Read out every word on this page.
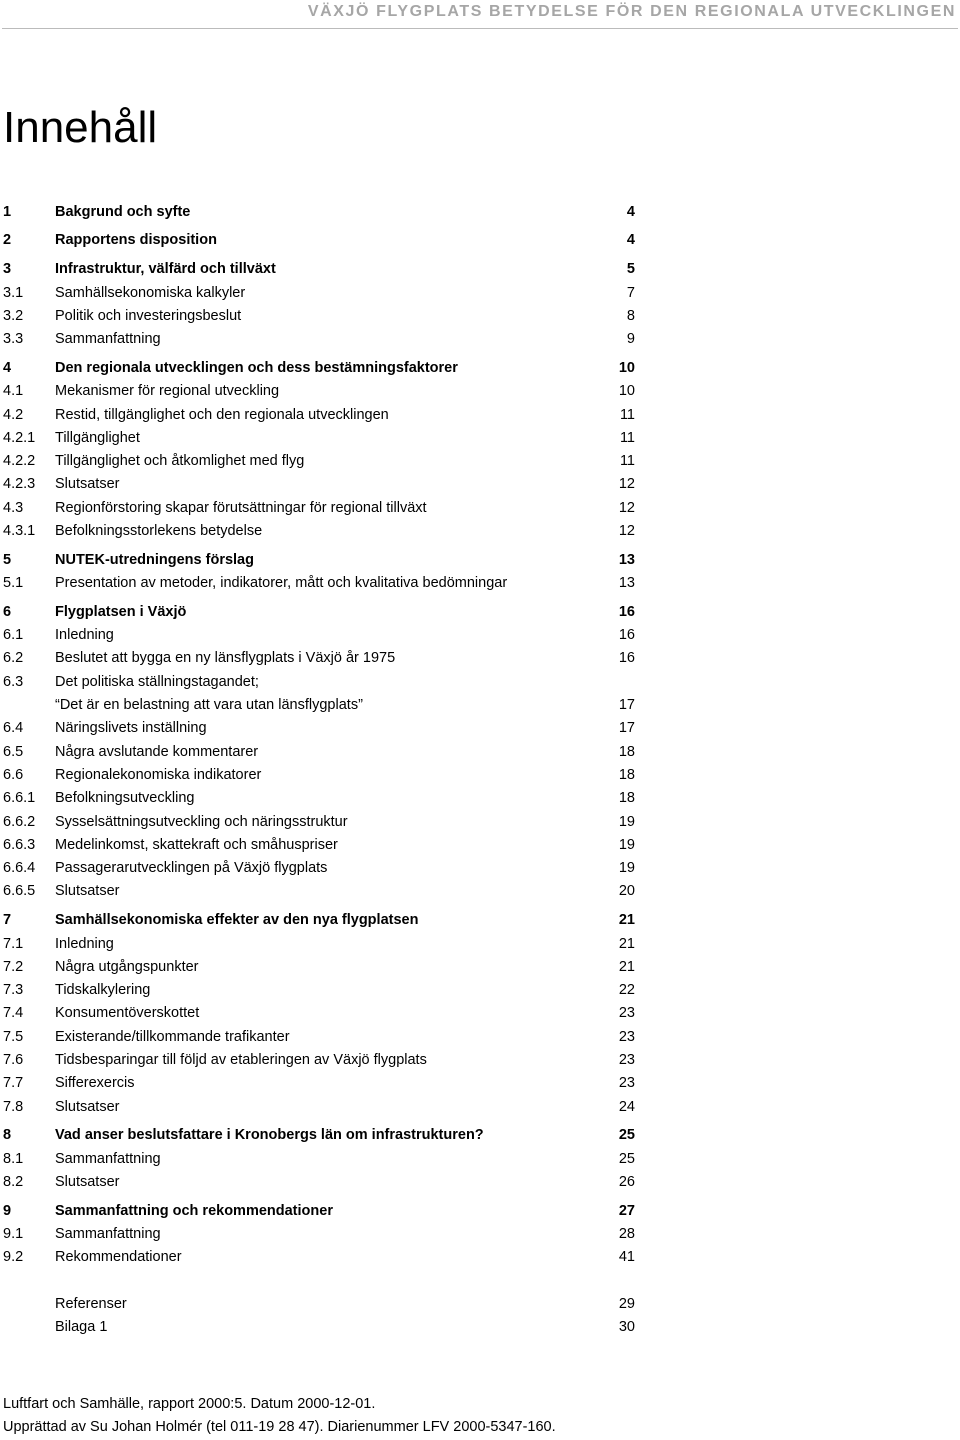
VÄXJÖ FLYGPLATS BETYDELSE FÖR DEN REGIONALA UTVECKLINGEN
Innehåll
1	Bakgrund och syfte	4
2	Rapportens disposition	4
3	Infrastruktur, välfärd och tillväxt	5
3.1	Samhällsekonomiska kalkyler	7
3.2	Politik och investeringsbeslut	8
3.3	Sammanfattning	9
4	Den regionala utvecklingen och dess bestämningsfaktorer	10
4.1	Mekanismer för regional utveckling	10
4.2	Restid, tillgänglighet och den regionala utvecklingen	11
4.2.1	Tillgänglighet	11
4.2.2	Tillgänglighet och åtkomlighet med flyg	11
4.2.3	Slutsatser	12
4.3	Regionförstoring skapar förutsättningar för regional tillväxt	12
4.3.1	Befolkningsstorlekens betydelse	12
5	NUTEK-utredningens förslag	13
5.1	Presentation av metoder, indikatorer, mått och kvalitativa bedömningar	13
6	Flygplatsen i Växjö	16
6.1	Inledning	16
6.2	Beslutet att bygga en ny länsflygplats i Växjö år 1975	16
6.3	Det politiska ställningstagandet;
“Det är en belastning att vara utan länsflygplats”	17
6.4	Näringslivets inställning	17
6.5	Några avslutande kommentarer	18
6.6	Regionalekonomiska indikatorer	18
6.6.1	Befolkningsutveckling	18
6.6.2	Sysselsättningsutveckling och näringsstruktur	19
6.6.3	Medelinkomst, skattekraft och småhuspriser	19
6.6.4	Passagerarutvecklingen på Växjö flygplats	19
6.6.5	Slutsatser	20
7	Samhällsekonomiska effekter av den nya flygplatsen	21
7.1	Inledning	21
7.2	Några utgångspunkter	21
7.3	Tidskalkylering	22
7.4	Konsumentöverskottet	23
7.5	Existerande/tillkommande trafikanter	23
7.6	Tidsbesparingar till följd av etableringen av Växjö flygplats	23
7.7	Sifferexercis	23
7.8	Slutsatser	24
8	Vad anser beslutsfattare i Kronobergs län om infrastrukturen?	25
8.1	Sammanfattning	25
8.2	Slutsatser	26
9	Sammanfattning och rekommendationer	27
9.1	Sammanfattning	28
9.2	Rekommendationer	41
Referenser	29
Bilaga 1	30
Luftfart och Samhälle, rapport 2000:5. Datum 2000-12-01.
Upprättad av Su Johan Holmér (tel 011-19 28 47). Diarienummer LFV 2000-5347-160.
